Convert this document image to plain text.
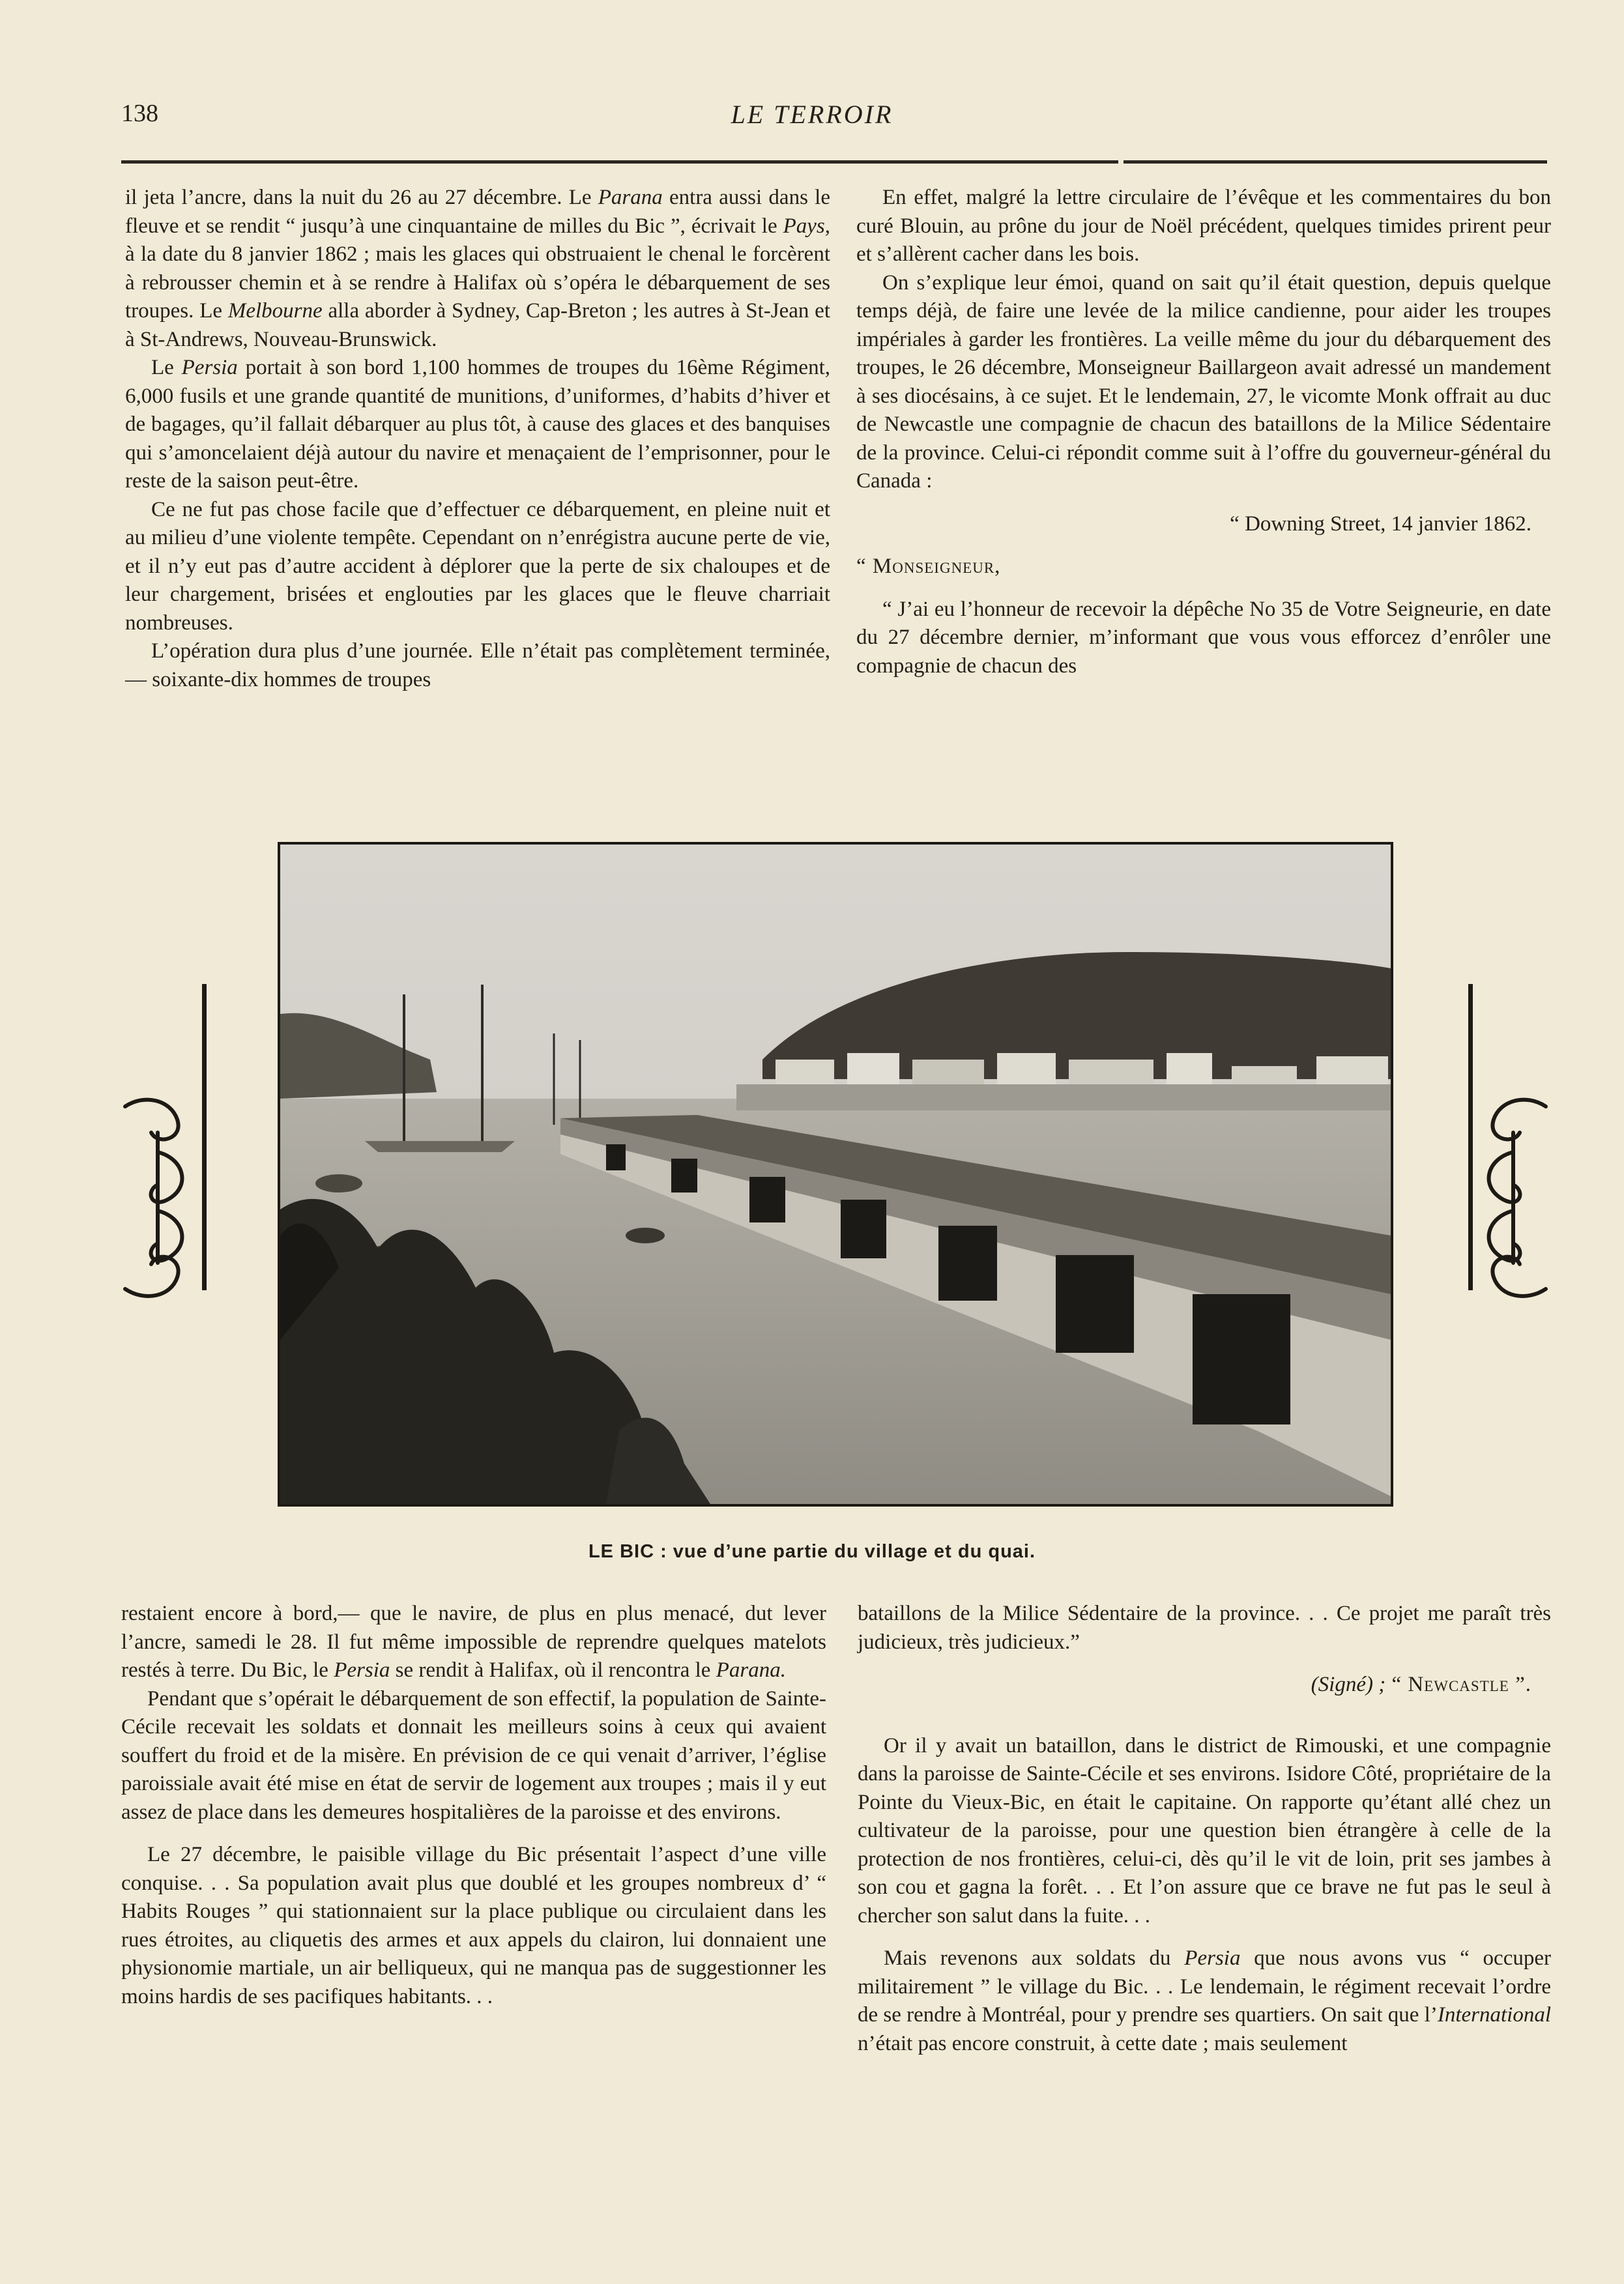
138	LE TERROIR

il jeta l’ancre, dans la nuit du 26 au 27 décembre. Le Parana entra aussi dans le fleuve et se rendit “ jusqu’à une cinquantaine de milles du Bic ”, écrivait le Pays, à la date du 8 janvier 1862 ; mais les glaces qui obstruaient le chenal le forcèrent à rebrousser chemin et à se rendre à Halifax où s’opéra le débarquement de ses troupes. Le Melbourne alla aborder à Sydney, Cap-Breton ; les autres à St-Jean et à St-Andrews, Nouveau-Brunswick.

Le Persia portait à son bord 1,100 hommes de troupes du 16ème Régiment, 6,000 fusils et une grande quantité de munitions, d’uniformes, d’habits d’hiver et de bagages, qu’il fallait débarquer au plus tôt, à cause des glaces et des banquises qui s’amoncelaient déjà autour du navire et menaçaient de l’emprisonner, pour le reste de la saison peut-être.

Ce ne fut pas chose facile que d’effectuer ce débarquement, en pleine nuit et au milieu d’une violente tempête. Cependant on n’enrégistra aucune perte de vie, et il n’y eut pas d’autre accident à déplorer que la perte de six chaloupes et de leur chargement, brisées et englouties par les glaces que le fleuve charriait nombreuses.

L’opération dura plus d’une journée. Elle n’était pas complètement terminée,— soixante-dix hommes de troupes

En effet, malgré la lettre circulaire de l’évêque et les commentaires du bon curé Blouin, au prône du jour de Noël précédent, quelques timides prirent peur et s’allèrent cacher dans les bois.

On s’explique leur émoi, quand on sait qu’il était question, depuis quelque temps déjà, de faire une levée de la milice candienne, pour aider les troupes impériales à garder les frontières. La veille même du jour du débarquement des troupes, le 26 décembre, Monseigneur Baillargeon avait adressé un mandement à ses diocésains, à ce sujet. Et le lendemain, 27, le vicomte Monk offrait au duc de Newcastle une compagnie de chacun des bataillons de la Milice Sédentaire de la province. Celui-ci répondit comme suit à l’offre du gouverneur-général du Canada :

“ Downing Street, 14 janvier 1862.

“ Monseigneur,

“ J’ai eu l’honneur de recevoir la dépêche No 35 de Votre Seigneurie, en date du 27 décembre dernier, m’informant que vous vous efforcez d’enrôler une compagnie de chacun des

LE BIC : vue d’une partie du village et du quai.

restaient encore à bord,— que le navire, de plus en plus menacé, dut lever l’ancre, samedi le 28. Il fut même impossible de reprendre quelques matelots restés à terre. Du Bic, le Persia se rendit à Halifax, où il rencontra le Parana.

Pendant que s’opérait le débarquement de son effectif, la population de Sainte-Cécile recevait les soldats et donnait les meilleurs soins à ceux qui avaient souffert du froid et de la misère. En prévision de ce qui venait d’arriver, l’église paroissiale avait été mise en état de servir de logement aux troupes ; mais il y eut assez de place dans les demeures hospitalières de la paroisse et des environs.

Le 27 décembre, le paisible village du Bic présentait l’aspect d’une ville conquise. . . Sa population avait plus que doublé et les groupes nombreux d’ “ Habits Rouges ” qui stationnaient sur la place publique ou circulaient dans les rues étroites, au cliquetis des armes et aux appels du clairon, lui donnaient une physionomie martiale, un air belliqueux, qui ne manqua pas de suggestionner les moins hardis de ses pacifiques habitants. . .

bataillons de la Milice Sédentaire de la province. . . Ce projet me paraît très judicieux, très judicieux.”

(Signé) ; “ Newcastle ”.

Or il y avait un bataillon, dans le district de Rimouski, et une compagnie dans la paroisse de Sainte-Cécile et ses environs. Isidore Côté, propriétaire de la Pointe du Vieux-Bic, en était le capitaine. On rapporte qu’étant allé chez un cultivateur de la paroisse, pour une question bien étrangère à celle de la protection de nos frontières, celui-ci, dès qu’il le vit de loin, prit ses jambes à son cou et gagna la forêt. . . Et l’on assure que ce brave ne fut pas le seul à chercher son salut dans la fuite. . .

Mais revenons aux soldats du Persia que nous avons vus “ occuper militairement ” le village du Bic. . . Le lendemain, le régiment recevait l’ordre de se rendre à Montréal, pour y prendre ses quartiers. On sait que l’International n’était pas encore construit, à cette date ; mais seulement
